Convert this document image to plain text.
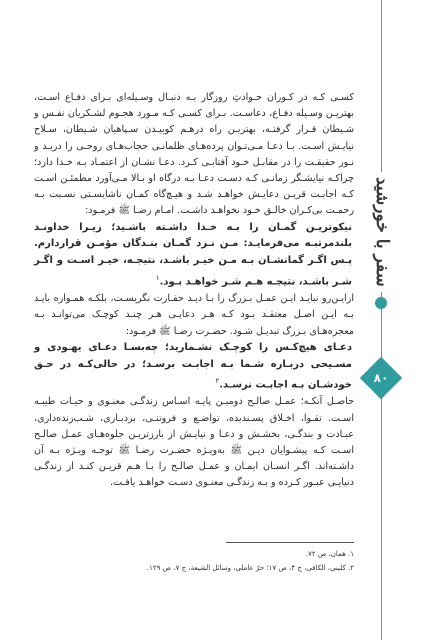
سفر با خورشید
۸۰

کسـی کـه در کـوران حـوادثِ روزگار بـه دنبـال وسـیله‌ای بـرای دفـاع اسـت، بهتریـن وسـیله دفـاع، دعاسـت. بـرای کسـی کـه مـورد هجـوم لشـکریان نفـس و شـیطان قـرار گرفتـه، بهتریـن راه درهـم کوبیـدن سـپاهیان شـیطان، سـلاح نیایـش اسـت. بـا دعـا مـی‌تـوان پرده‌هـای ظلمانـی حجاب‌هـای روحـی را دریـد و نـور حقیقـت را در مقابـل خـود آفتابـی کـرد. دعـا نشـان از اعتمـاد بـه خـدا دارد؛ چراکـه نیایشـگر زمانـی کـه دسـت دعـا بـه درگاه او بـالا مـی‌آورد مطمئـن اسـت کـه اجابـت قریـن دعایـش خواهـد شـد و هیـچ‌گاه کمـان ناشایسـتی نسـبت بـه رحمـت بی‌کـران خالـق خـود نخواهـد داشـت. امـام رضـا ﷺ فرمـود:

نیکوتریـن گمـان را بـه خـدا داشـته باشـید؛ زیـرا خداونـد بلندمرتبـه می‌فرمایـد: مـن نـزد گمـان بنـدگان مؤمـن قراردارم. پـس اگـر گمانشـان بـه مـن خیـر باشـد، نتیجـه، خیـر اسـت و اگـر شـر باشـد، نتیجـه هـم شـر خواهـد بـود.$^۱$

ازایـن‌رو نبایـد ایـن عمـل بـزرگ را بـا دیـد حقـارت نگریسـت، بلکـه همـواره بایـد بـه ایـن اصـل معتقـد بـود کـه هـر دعایـی هـر چنـد کوچـک می‌توانـد بـه معجزه‌هـای بـزرگ تبدیـل شـود. حضـرت رضـا ﷺ فرمـود:

دعـای هیچ‌کـس را کوچـک نشـمارید؛ چه‌بسـا دعـای یهـودی و مسـیحی دربـاره شـما بـه اجابـت برسـد؛ در حالی‌کـه در حـق خودشـان بـه اجابـت نرسـد.$^۲$

حاصـل آنکـه؛ عمـل صالـح دومیـن پایـه اسـاس زندگـی معنـوی و حیـات طیبـه اسـت. تقـوا، اخـلاق پسـندیده، تواضـع و فروتنـی، بردبـاری، شـب‌زنده‌داری، عبـادت و بندگـی، بخشـش و دعـا و نیایـش از بارزتریـن جلوه‌هـای عمـل صالـح اسـت کـه پیشـوایان دیـن ﷺ به‌ویـژه حضـرت رضـا ﷺ توجـه ویـژه بـه آن داشـته‌اند. اگـر انسـان ایمـان و عمـل صالـح را بـا هـم قریـن کنـد از زندگـی دنیایـی عبـور کـرده و بـه زندگـی معنـوی دسـت خواهـد یافـت.

۱. همان، ص ۷۲.
۲. کلینی، الکافی، ج ۴، ص ۱۷؛ حرّ عاملی، وسائل الشیعة، ج ۷، ص ۱۲۹.
